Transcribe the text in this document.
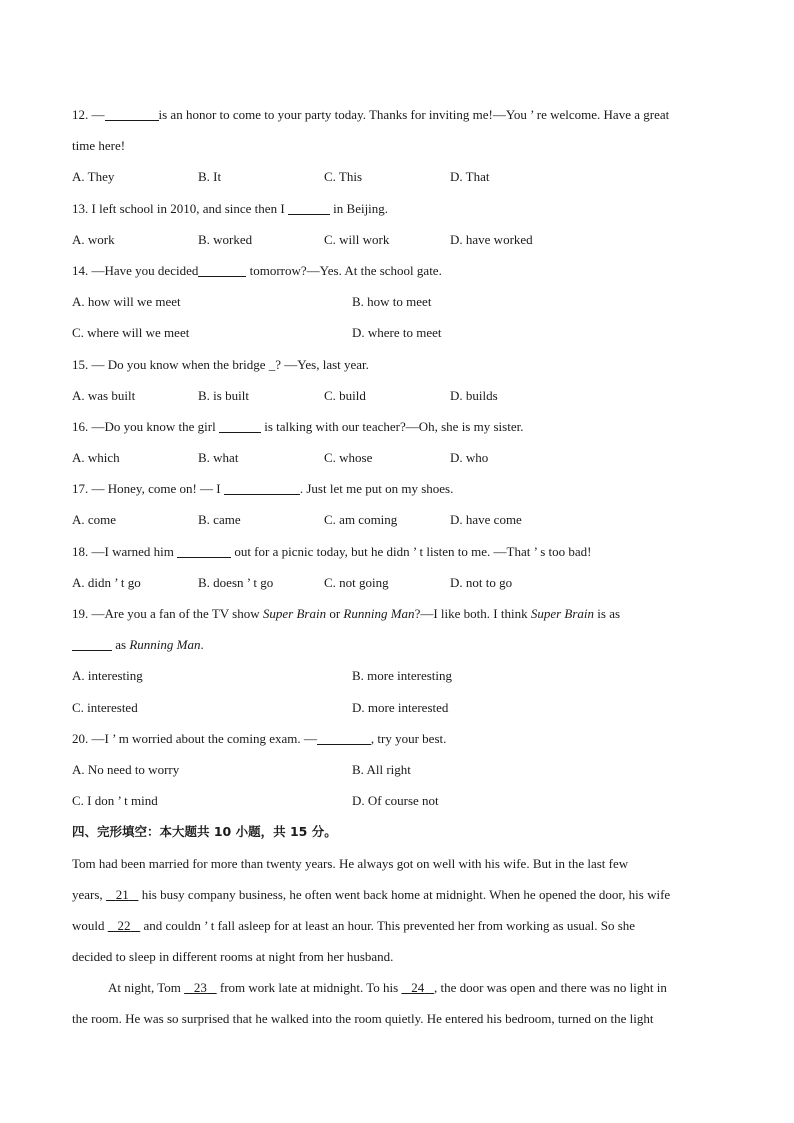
12. —	is an honor to come to your party today. Thanks for inviting me!—You ’ re welcome. Have a great
time here!
A. They	B. It	C. This	D. That
13. I left school in 2010, and since then I	in Beijing.
A. work	B. worked	C. will work	D. have worked
14. —Have you decided	tomorrow?—Yes. At the school gate.
A. how will we meet	B. how to meet
C. where will we meet	D. where to meet
15. — Do you know when the bridge _? —Yes, last year.
A. was built	B. is built	C. build	D. builds
16. —Do you know the girl	is talking with our teacher?—Oh, she is my sister.
A. which	B. what	C. whose	D. who
17. — Honey, come on! — I	. Just let me put on my shoes.
A. come	B. came	C. am coming	D. have come
18. —I warned him	out for a picnic today, but he didn ’ t listen to me. —That ’ s too bad!
A. didn ’ t go	B. doesn ’ t go	C. not going	D. not to go
19. —Are you a fan of the TV show Super Brain or Running Man?—I like both. I think Super Brain is as
as Running Man.
A. interesting	B. more interesting
C. interested	D. more interested
20. —I ’ m worried about the coming exam. —	, try your best.
A. No need to worry	B. All right
C. I don ’ t mind	D. Of course not
四、完形填空：本大题共 10 小题，共 15 分。
Tom had been married for more than twenty years. He always got on well with his wife. But in the last few
years,    21    his busy company business, he often went back home at midnight. When he opened the door, his wife
would    22    and couldn ’ t fall asleep for at least an hour. This prevented her from working as usual. So she
decided to sleep in different rooms at night from her husband.
At night, Tom    23    from work late at midnight. To his    24 , the door was open and there was no light in
the room. He was so surprised that he walked into the room quietly. He entered his bedroom, turned on the light
